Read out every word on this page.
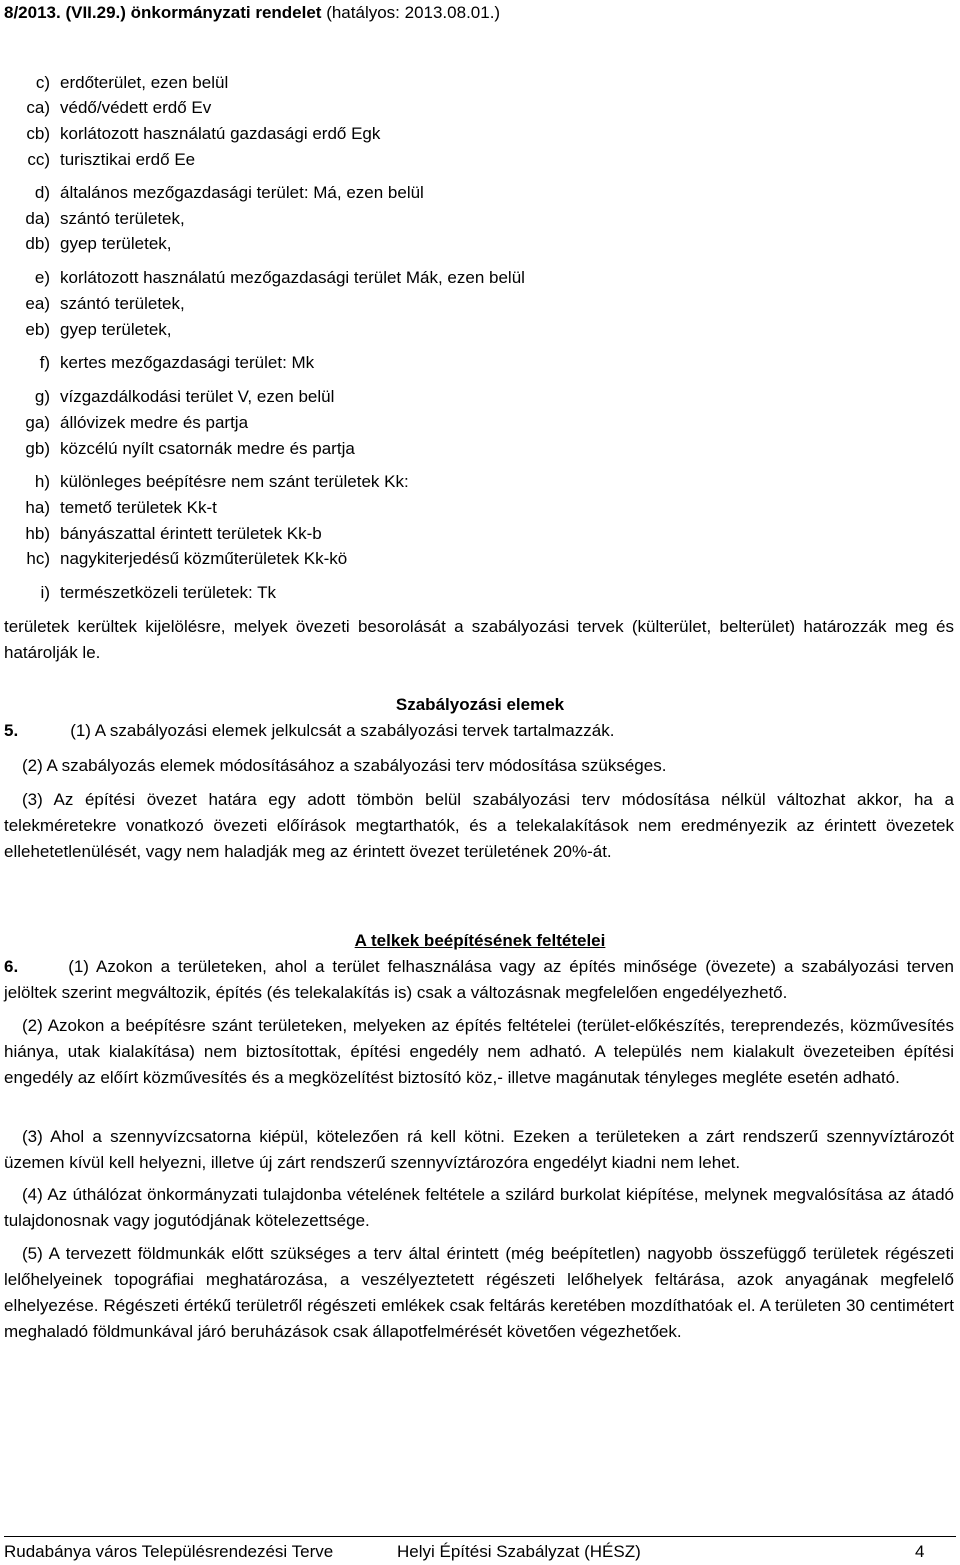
8/2013. (VII.29.) önkormányzati rendelet (hatályos: 2013.08.01.)
c) erdőterület, ezen belül
ca) védő/védett erdő Ev
cb) korlátozott használatú gazdasági erdő Egk
cc) turisztikai erdő Ee
d) általános mezőgazdasági terület: Má, ezen belül
da) szántó területek,
db) gyep területek,
e) korlátozott használatú mezőgazdasági terület Mák, ezen belül
ea) szántó területek,
eb) gyep területek,
f) kertes mezőgazdasági terület: Mk
g) vízgazdálkodási terület V, ezen belül
ga) állóvizek medre és partja
gb) közcélú nyílt csatornák medre és partja
h) különleges beépítésre nem szánt területek Kk:
ha) temető területek Kk-t
hb) bányászattal érintett területek Kk-b
hc) nagykiterjedésű közműterületek Kk-kö
i) természetközeli területek: Tk
területek kerültek kijelölésre, melyek övezeti besorolását a szabályozási tervek (külterület, belterület) határozzák meg és határolják le.
Szabályozási elemek
5.	(1) A szabályozási elemek jelkulcsát a szabályozási tervek tartalmazzák.
(2) A szabályozás elemek módosításához a szabályozási terv módosítása szükséges.
(3) Az építési övezet határa egy adott tömbön belül szabályozási terv módosítása nélkül változhat akkor, ha a telekméretekre vonatkozó övezeti előírások megtarthatók, és a telekalakítások nem eredményezik az érintett övezetek ellehetetlenülését, vagy nem haladják meg az érintett övezet területének 20%-át.
A telkek beépítésének feltételei
6.	(1) Azokon a területeken, ahol a terület felhasználása vagy az építés minősége (övezete) a szabályozási terven jelöltek szerint megváltozik, építés (és telekalakítás is) csak a változásnak megfelelően engedélyezhető.
(2) Azokon a beépítésre szánt területeken, melyeken az építés feltételei (terület-előkészítés, tereprendezés, közművesítés hiánya, utak kialakítása) nem biztosítottak, építési engedély nem adható. A település nem kialakult övezeteiben építési engedély az előírt közművesítés és a megközelítést biztosító köz,- illetve magánutak tényleges megléte esetén adható.
(3) Ahol a szennyvízcsatorna kiépül, kötelezően rá kell kötni. Ezeken a területeken a zárt rendszerű szennyvíztározót üzemen kívül kell helyezni, illetve új zárt rendszerű szennyvíztározóra engedélyt kiadni nem lehet.
(4) Az úthálózat önkormányzati tulajdonba vételének feltétele a szilárd burkolat kiépítése, melynek megvalósítása az átadó tulajdonosnak vagy jogutódjának kötelezettsége.
(5) A tervezett földmunkák előtt szükséges a terv által érintett (még beépítetlen) nagyobb összefüggő területek régészeti lelőhelyeinek topográfiai meghatározása, a veszélyeztetett régészeti lelőhelyek feltárása, azok anyagának megfelelő elhelyezése. Régészeti értékű területről régészeti emlékek csak feltárás keretében mozdíthatóak el. A területen 30 centimétert meghaladó földmunkával járó beruházások csak állapotfelmérését követően végezhetőek.
Rudabánya város Településrendezési Terve	Helyi Építési Szabályzat (HÉSZ)	4
